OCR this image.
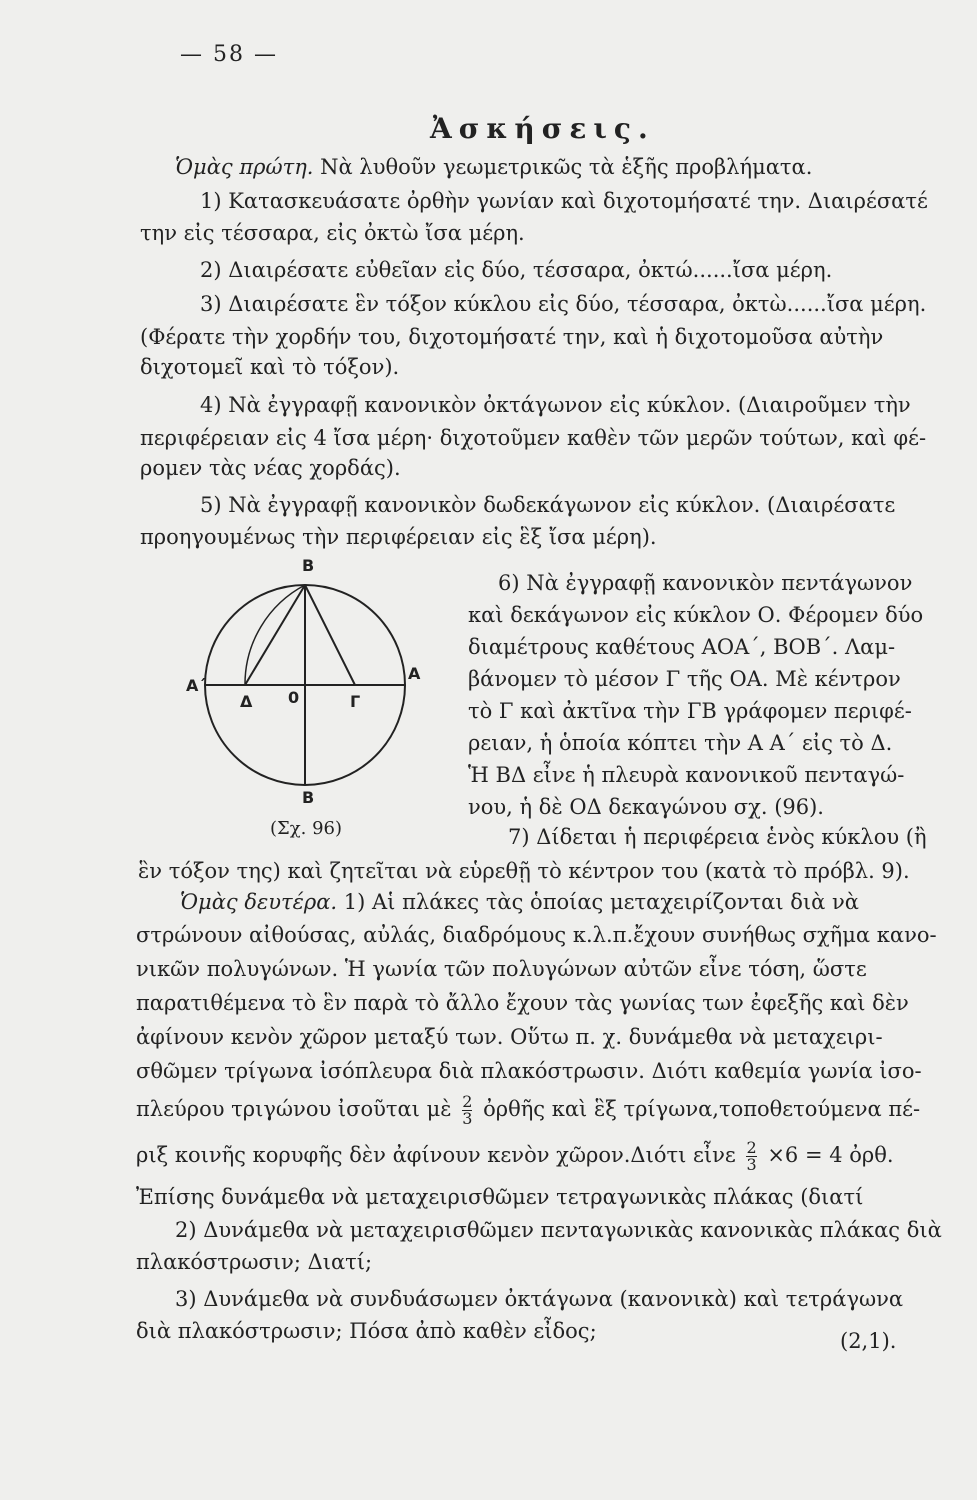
— 58 —
Ἀσκήσεις.
Ὁμὰς πρώτη. Νὰ λυθοῦν γεωμετρικῶς τὰ ἑξῆς προβλήματα.
1) Κατασκευάσατε ὀρθὴν γωνίαν καὶ διχοτομήσατέ την. Διαιρέσατέ
την εἰς τέσσαρα, εἰς ὀκτὼ ἴσα μέρη.
2) Διαιρέσατε εὐθεῖαν εἰς δύο, τέσσαρα, ὀκτώ......ἴσα μέρη.
3) Διαιρέσατε ἓν τόξον κύκλου εἰς δύο, τέσσαρα, ὀκτὼ......ἴσα μέρη.
(Φέρατε τὴν χορδήν του, διχοτομήσατέ την, καὶ ἡ διχοτομοῦσα αὐτὴν
διχοτομεῖ καὶ τὸ τόξον).
4) Νὰ ἐγγραφῇ κανονικὸν ὀκτάγωνον εἰς κύκλον. (Διαιροῦμεν τὴν
περιφέρειαν εἰς 4 ἴσα μέρη· διχοτοῦμεν καθὲν τῶν μερῶν τούτων, καὶ φέ-
ρομεν τὰς νέας χορδάς).
5) Νὰ ἐγγραφῇ κανονικὸν δωδεκάγωνον εἰς κύκλον. (Διαιρέσατε
προηγουμένως τὴν περιφέρειαν εἰς ἓξ ἴσα μέρη).
B
B
A΄
A
Δ 0	Γ
(Σχ. 96)
6) Νὰ ἐγγραφῇ κανονικὸν πεντάγωνον
καὶ δεκάγωνον εἰς κύκλον Ο. Φέρομεν δύο
διαμέτρους καθέτους ΑΟΑ΄, ΒΟΒ΄. Λαμ-
βάνομεν τὸ μέσον Γ τῆς ΟΑ. Μὲ κέντρον
τὸ Γ καὶ ἀκτῖνα τὴν ΓΒ γράφομεν περιφέ-
ρειαν, ἡ ὁποία κόπτει τὴν Α Α΄ εἰς τὸ Δ.
Ἡ ΒΔ εἶνε ἡ πλευρὰ κανονικοῦ πενταγώ-
νου, ἡ δὲ ΟΔ δεκαγώνου σχ. (96).
7) Δίδεται ἡ περιφέρεια ἑνὸς κύκλου (ἢ
ἓν τόξον της) καὶ ζητεῖται νὰ εὑρεθῇ τὸ κέντρον του (κατὰ τὸ πρόβλ. 9).
Ὁμὰς δευτέρα. 1) Αἱ πλάκες τὰς ὁποίας μεταχειρίζονται διὰ νὰ
στρώνουν αἰθούσας, αὐλάς, διαδρόμους κ.λ.π.ἔχουν συνήθως σχῆμα κανο-
νικῶν πολυγώνων. Ἡ γωνία τῶν πολυγώνων αὐτῶν εἶνε τόση, ὥστε
παρατιθέμενα τὸ ἓν παρὰ τὸ ἄλλο ἔχουν τὰς γωνίας των ἐφεξῆς καὶ δὲν
ἀφίνουν κενὸν χῶρον μεταξύ των. Οὕτω π. χ. δυνάμεθα νὰ μεταχειρι-
σθῶμεν τρίγωνα ἰσόπλευρα διὰ πλακόστρωσιν. Διότι καθεμία γωνία ἰσο-
πλεύρου τριγώνου ἰσοῦται μὲ $\frac{2}{3}$ ὀρθῆς καὶ ἓξ τρίγωνα,τοποθετούμενα πέ-
ριξ κοινῆς κορυφῆς δὲν ἀφίνουν κενὸν χῶρον.Διότι εἶνε $\frac{2}{3} \times 6 = 4$ ὀρθ.
Ἐπίσης δυνάμεθα νὰ μεταχειρισθῶμεν τετραγωνικὰς πλάκας (διατί
2) Δυνάμεθα νὰ μεταχειρισθῶμεν πενταγωνικὰς κανονικὰς πλάκας διὰ
πλακόστρωσιν; Διατί;
3) Δυνάμεθα νὰ συνδυάσωμεν ὀκτάγωνα (κανονικὰ) καὶ τετράγωνα
διὰ πλακόστρωσιν; Πόσα ἀπὸ καθὲν εἶδος;	(2,1).
